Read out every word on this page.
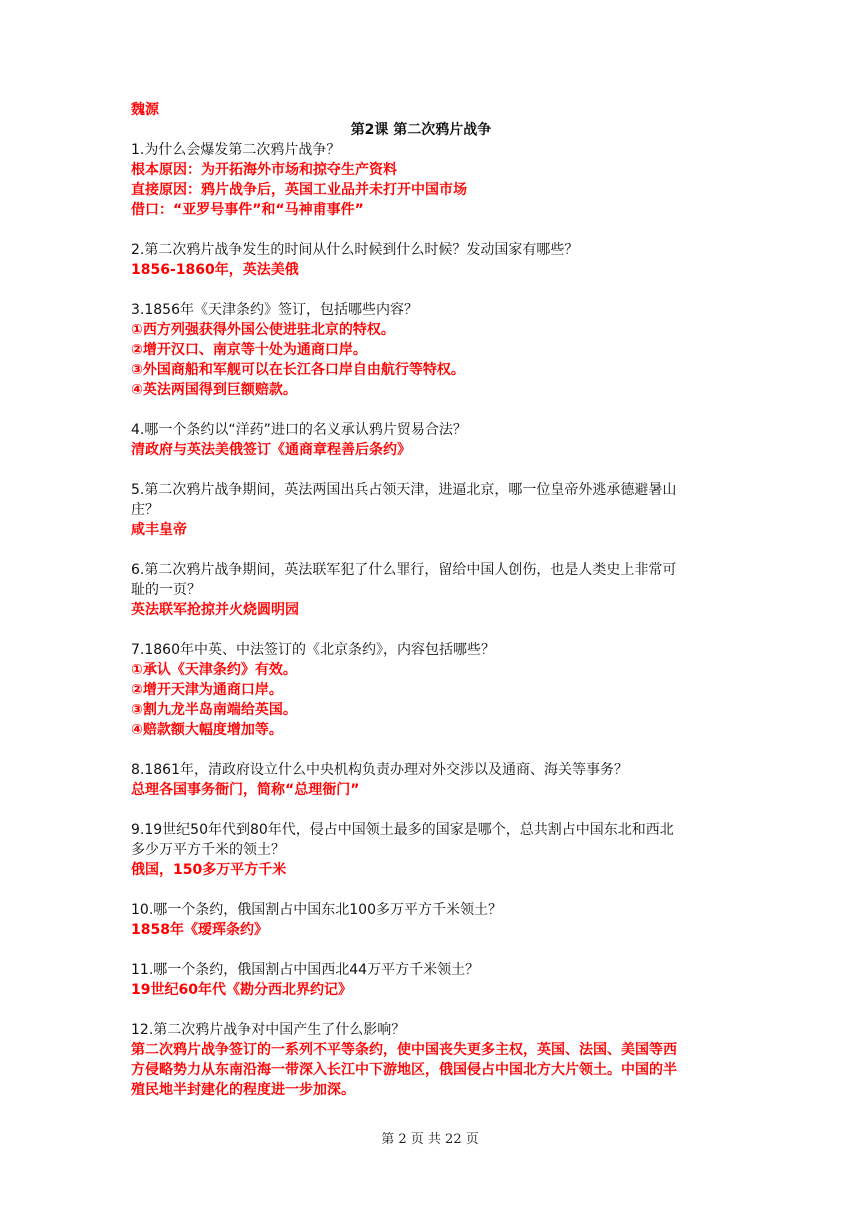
魏源

第2课 第二次鸦片战争

1.为什么会爆发第二次鸦片战争？

根本原因：为开拓海外市场和掠夺生产资料

直接原因：鸦片战争后，英国工业品并未打开中国市场

借口：“亚罗号事件”和“马神甫事件”

2.第二次鸦片战争发生的时间从什么时候到什么时候？发动国家有哪些？

1856-1860年，英法美俄

3.1856年《天津条约》签订，包括哪些内容？

①西方列强获得外国公使进驻北京的特权。

②增开汉口、南京等十处为通商口岸。

③外国商船和军舰可以在长江各口岸自由航行等特权。

④英法两国得到巨额赔款。

4.哪一个条约以“洋药”进口的名义承认鸦片贸易合法？

清政府与英法美俄签订《通商章程善后条约》

5.第二次鸦片战争期间，英法两国出兵占领天津，进逼北京，哪一位皇帝外逃承德避暑山

庄？

咸丰皇帝

6.第二次鸦片战争期间，英法联军犯了什么罪行，留给中国人创伤，也是人类史上非常可

耻的一页？

英法联军抢掠并火烧圆明园

7.1860年中英、中法签订的《北京条约》，内容包括哪些？

①承认《天津条约》有效。

②增开天津为通商口岸。

③割九龙半岛南端给英国。

④赔款额大幅度增加等。

8.1861年，清政府设立什么中央机构负责办理对外交涉以及通商、海关等事务？

总理各国事务衙门，简称“总理衙门”

9.19世纪50年代到80年代，侵占中国领土最多的国家是哪个，总共割占中国东北和西北

多少万平方千米的领土？

俄国，150多万平方千米

10.哪一个条约，俄国割占中国东北100多万平方千米领土？

1858年《瑷珲条约》

11.哪一个条约，俄国割占中国西北44万平方千米领土？

19世纪60年代《勘分西北界约记》

12.第二次鸦片战争对中国产生了什么影响？

第二次鸦片战争签订的一系列不平等条约，使中国丧失更多主权，英国、法国、美国等西

方侵略势力从东南沿海一带深入长江中下游地区，俄国侵占中国北方大片领土。中国的半

殖民地半封建化的程度进一步加深。

第 2 页 共 22 页
